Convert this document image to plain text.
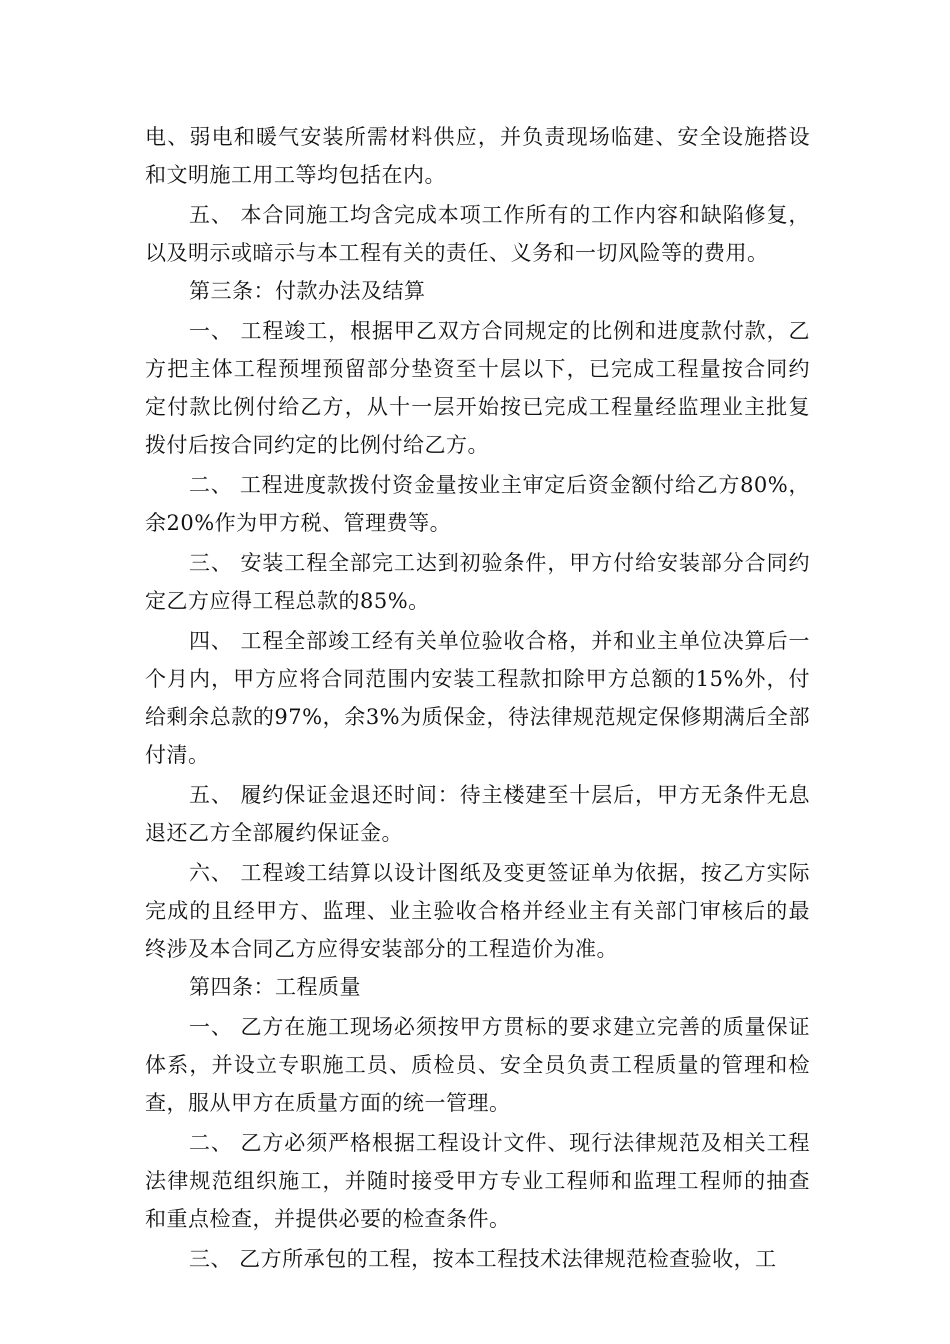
电、弱电和暖气安装所需材料供应，并负责现场临建、安全设施搭设和文明施工用工等均包括在内。

五、 本合同施工均含完成本项工作所有的工作内容和缺陷修复，以及明示或暗示与本工程有关的责任、义务和一切风险等的费用。

第三条：付款办法及结算

一、 工程竣工，根据甲乙双方合同规定的比例和进度款付款，乙方把主体工程预埋预留部分垫资至十层以下，已完成工程量按合同约定付款比例付给乙方，从十一层开始按已完成工程量经监理业主批复拨付后按合同约定的比例付给乙方。

二、 工程进度款拨付资金量按业主审定后资金额付给乙方80%，余20%作为甲方税、管理费等。

三、 安装工程全部完工达到初验条件，甲方付给安装部分合同约定乙方应得工程总款的85%。

四、 工程全部竣工经有关单位验收合格，并和业主单位决算后一个月内，甲方应将合同范围内安装工程款扣除甲方总额的15%外，付给剩余总款的97%，余3%为质保金，待法律规范规定保修期满后全部付清。

五、 履约保证金退还时间：待主楼建至十层后，甲方无条件无息退还乙方全部履约保证金。

六、 工程竣工结算以设计图纸及变更签证单为依据，按乙方实际完成的且经甲方、监理、业主验收合格并经业主有关部门审核后的最终涉及本合同乙方应得安装部分的工程造价为准。

第四条：工程质量

一、 乙方在施工现场必须按甲方贯标的要求建立完善的质量保证体系，并设立专职施工员、质检员、安全员负责工程质量的管理和检查，服从甲方在质量方面的统一管理。

二、 乙方必须严格根据工程设计文件、现行法律规范及相关工程法律规范组织施工，并随时接受甲方专业工程师和监理工程师的抽查和重点检查，并提供必要的检查条件。

三、 乙方所承包的工程，按本工程技术法律规范检查验收，工
